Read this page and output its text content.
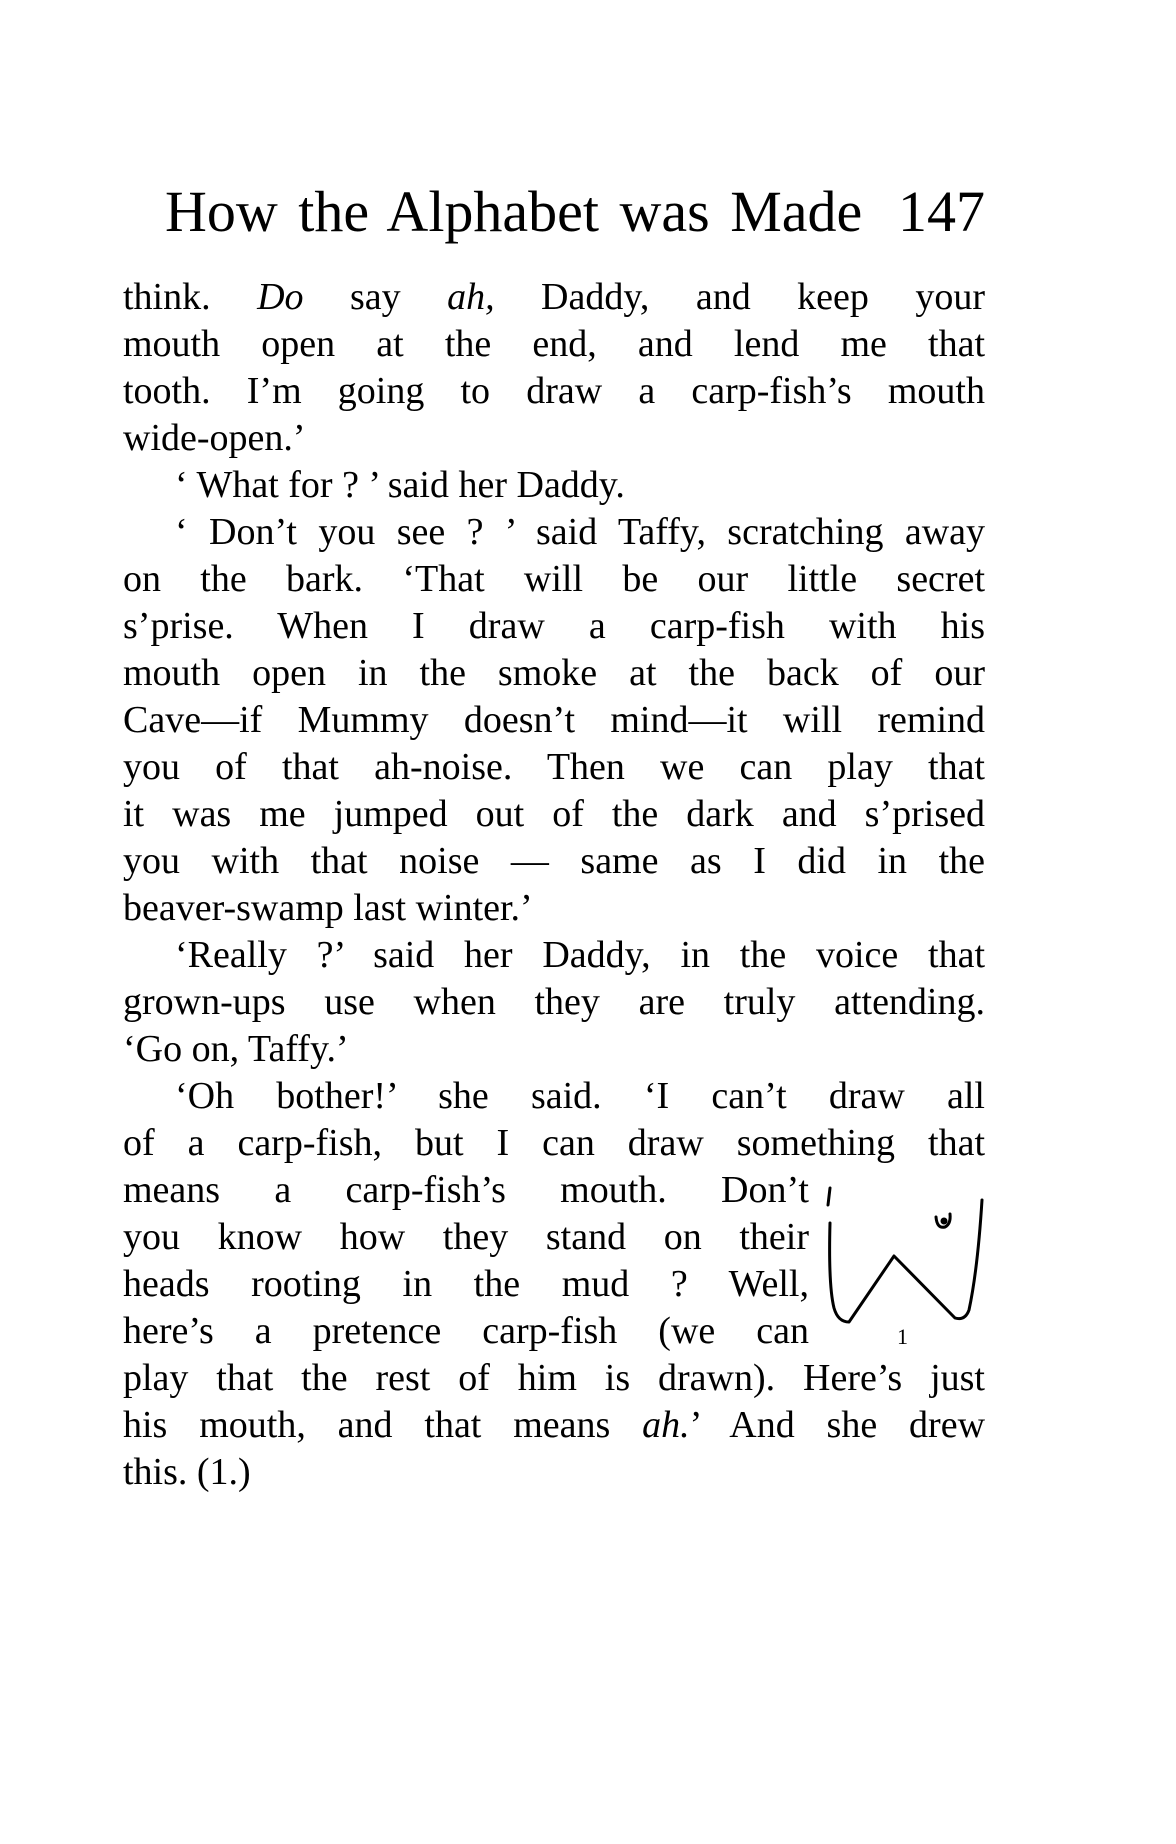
How the Alphabet was Made 147
think. Do say ah, Daddy, and keep your
mouth open at the end, and lend me that
tooth. I’m going to draw a carp-fish’s mouth
wide-open.’
‘ What for ? ’ said her Daddy.
‘ Don’t you see ? ’ said Taffy, scratching away
on the bark. ‘That will be our little secret
s’prise. When I draw a carp-fish with his
mouth open in the smoke at the back of our
Cave—if Mummy doesn’t mind—it will remind
you of that ah-noise. Then we can play that
it was me jumped out of the dark and s’prised
you with that noise — same as I did in the
beaver-swamp last winter.’
‘Really ?’ said her Daddy, in the voice that
grown-ups use when they are truly attending.
‘Go on, Taffy.’
‘Oh bother!’ she said. ‘I can’t draw all
of a carp-fish, but I can draw something that
means a carp-fish’s mouth. Don’t
you know how they stand on their
heads rooting in the mud ? Well,
here’s a pretence carp-fish (we can
play that the rest of him is drawn). Here’s just
his mouth, and that means ah.’ And she drew
this. (1.)
1
